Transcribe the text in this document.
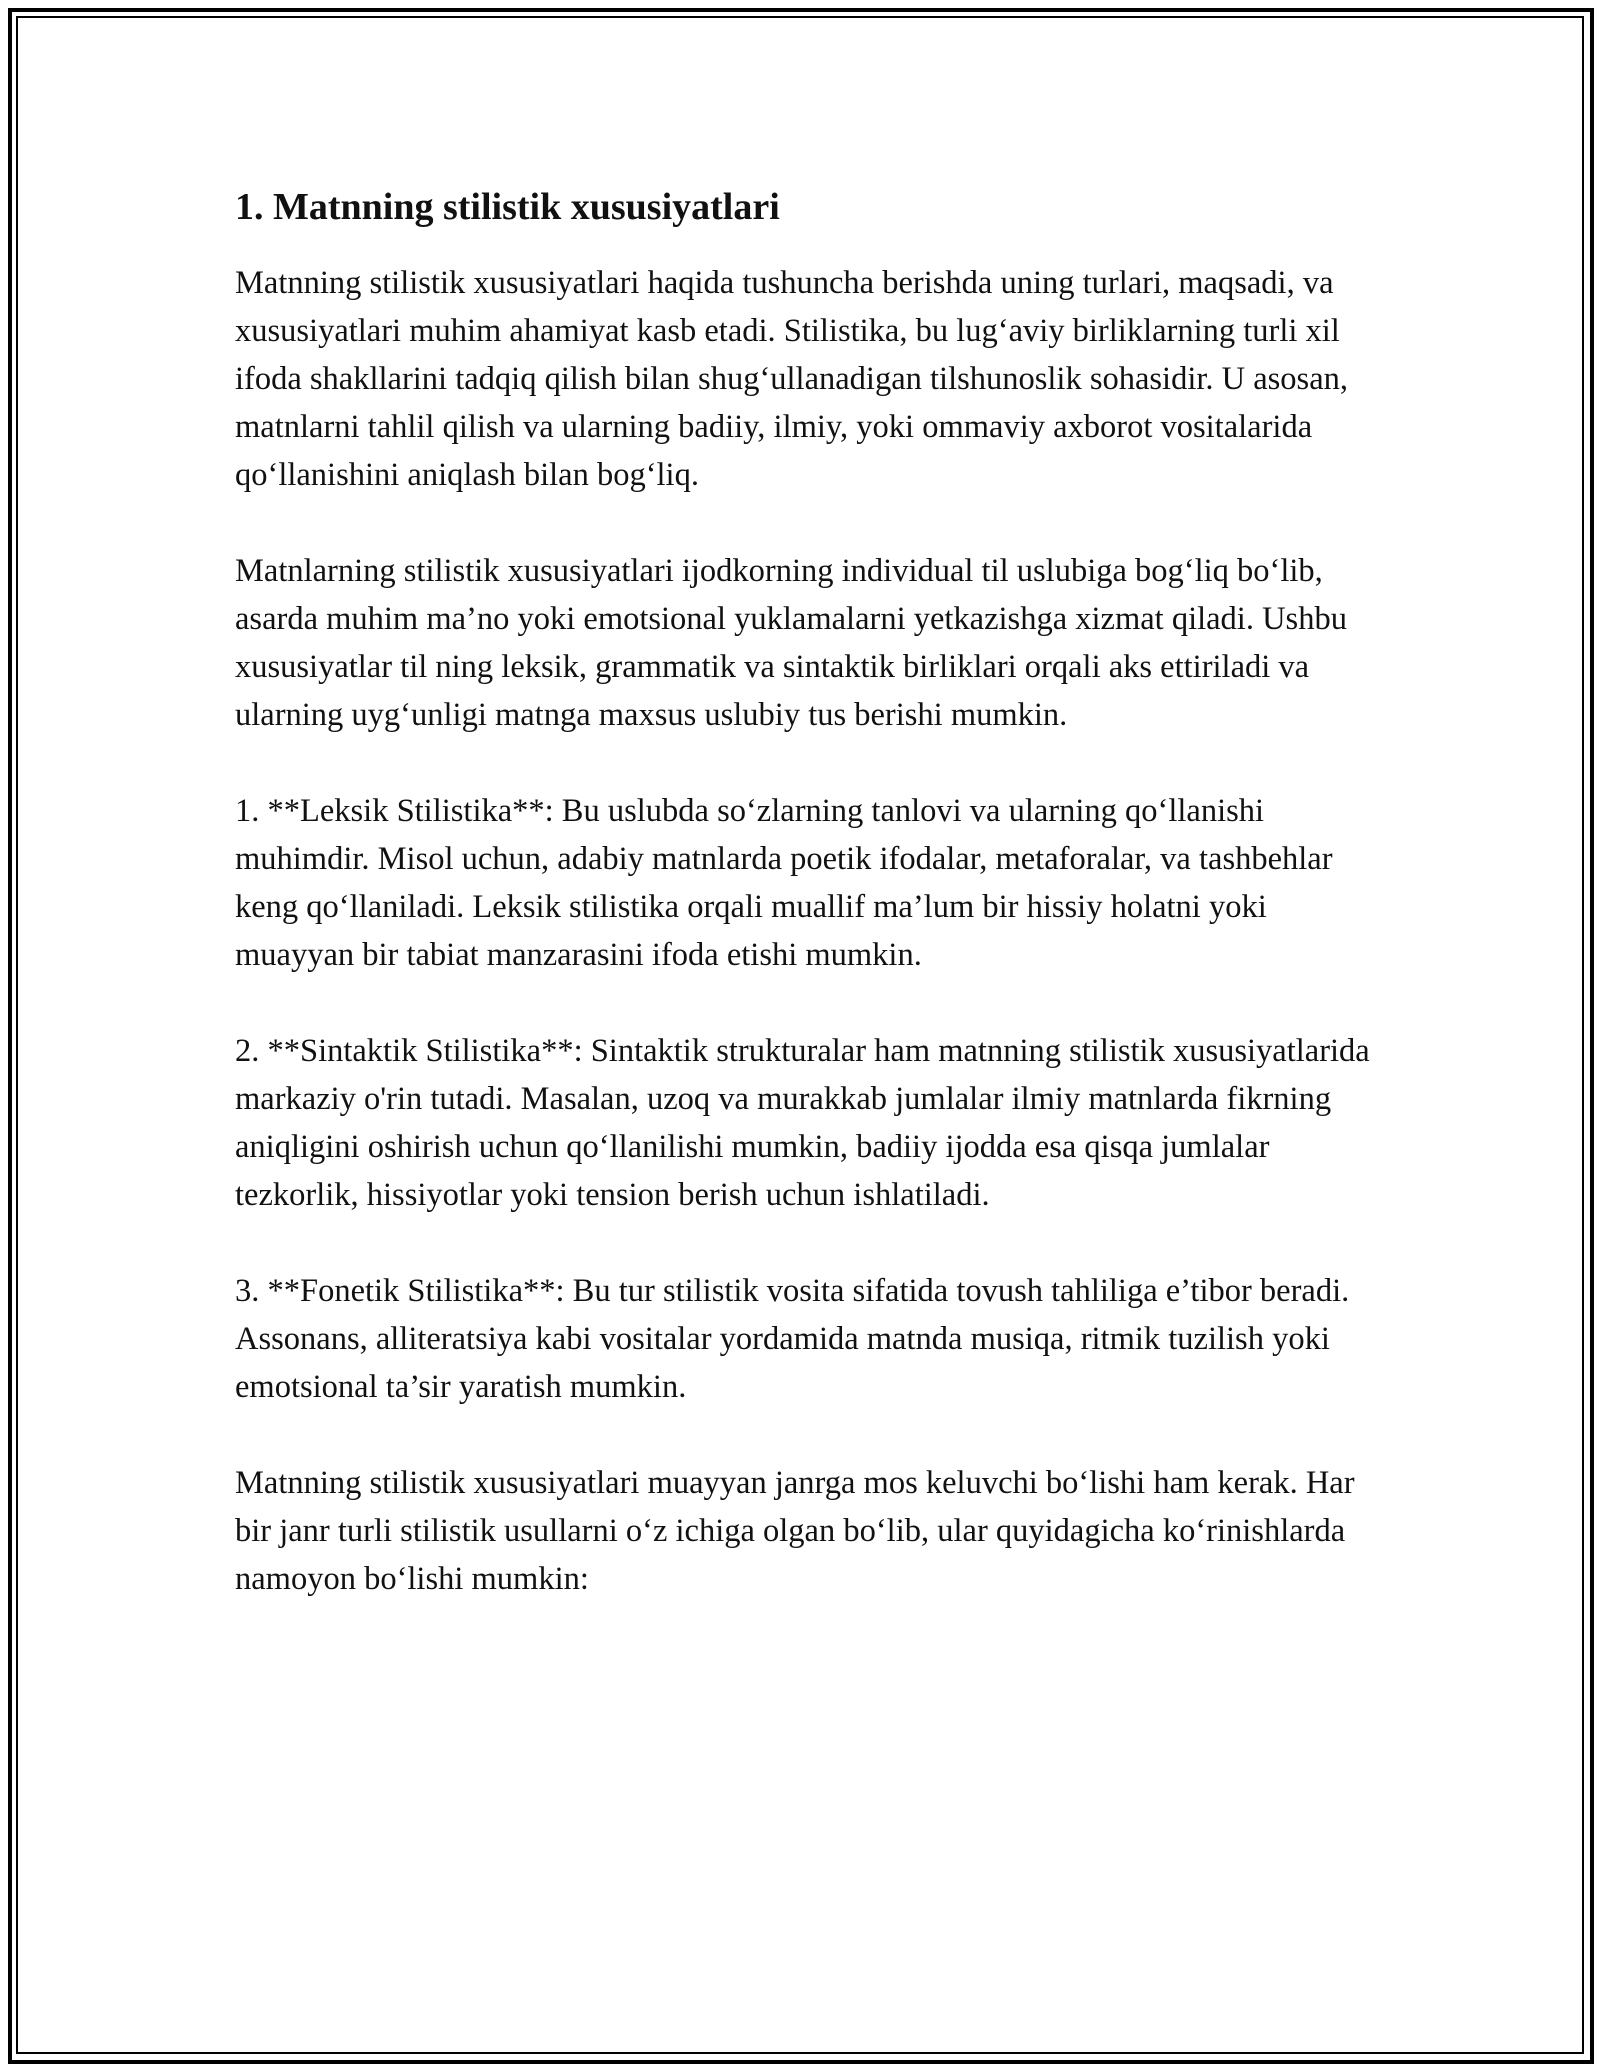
1. Matnning stilistik xususiyatlari

Matnning stilistik xususiyatlari haqida tushuncha berishda uning turlari, maqsadi, va xususiyatlari muhim ahamiyat kasb etadi. Stilistika, bu lug‘aviy birliklarning turli xil ifoda shakllarini tadqiq qilish bilan shug‘ullanadigan tilshunoslik sohasidir. U asosan, matnlarni tahlil qilish va ularning badiiy, ilmiy, yoki ommaviy axborot vositalarida qo‘llanishini aniqlash bilan bog‘liq.

Matnlarning stilistik xususiyatlari ijodkorning individual til uslubiga bog‘liq bo‘lib, asarda muhim ma’no yoki emotsional yuklamalarni yetkazishga xizmat qiladi. Ushbu xususiyatlar til ning leksik, grammatik va sintaktik birliklari orqali aks ettiriladi va ularning uyg‘unligi matnga maxsus uslubiy tus berishi mumkin.

1. **Leksik Stilistika**: Bu uslubda so‘zlarning tanlovi va ularning qo‘llanishi muhimdir. Misol uchun, adabiy matnlarda poetik ifodalar, metaforalar, va tashbehlar keng qo‘llaniladi. Leksik stilistika orqali muallif ma’lum bir hissiy holatni yoki muayyan bir tabiat manzarasini ifoda etishi mumkin.

2. **Sintaktik Stilistika**: Sintaktik strukturalar ham matnning stilistik xususiyatlarida markaziy o'rin tutadi. Masalan, uzoq va murakkab jumlalar ilmiy matnlarda fikrning aniqligini oshirish uchun qo‘llanilishi mumkin, badiiy ijodda esa qisqa jumlalar tezkorlik, hissiyotlar yoki tension berish uchun ishlatiladi.

3. **Fonetik Stilistika**: Bu tur stilistik vosita sifatida tovush tahliliga e’tibor beradi. Assonans, alliteratsiya kabi vositalar yordamida matnda musiqa, ritmik tuzilish yoki emotsional ta’sir yaratish mumkin.

Matnning stilistik xususiyatlari muayyan janrga mos keluvchi bo‘lishi ham kerak. Har bir janr turli stilistik usullarni o‘z ichiga olgan bo‘lib, ular quyidagicha ko‘rinishlarda namoyon bo‘lishi mumkin:
